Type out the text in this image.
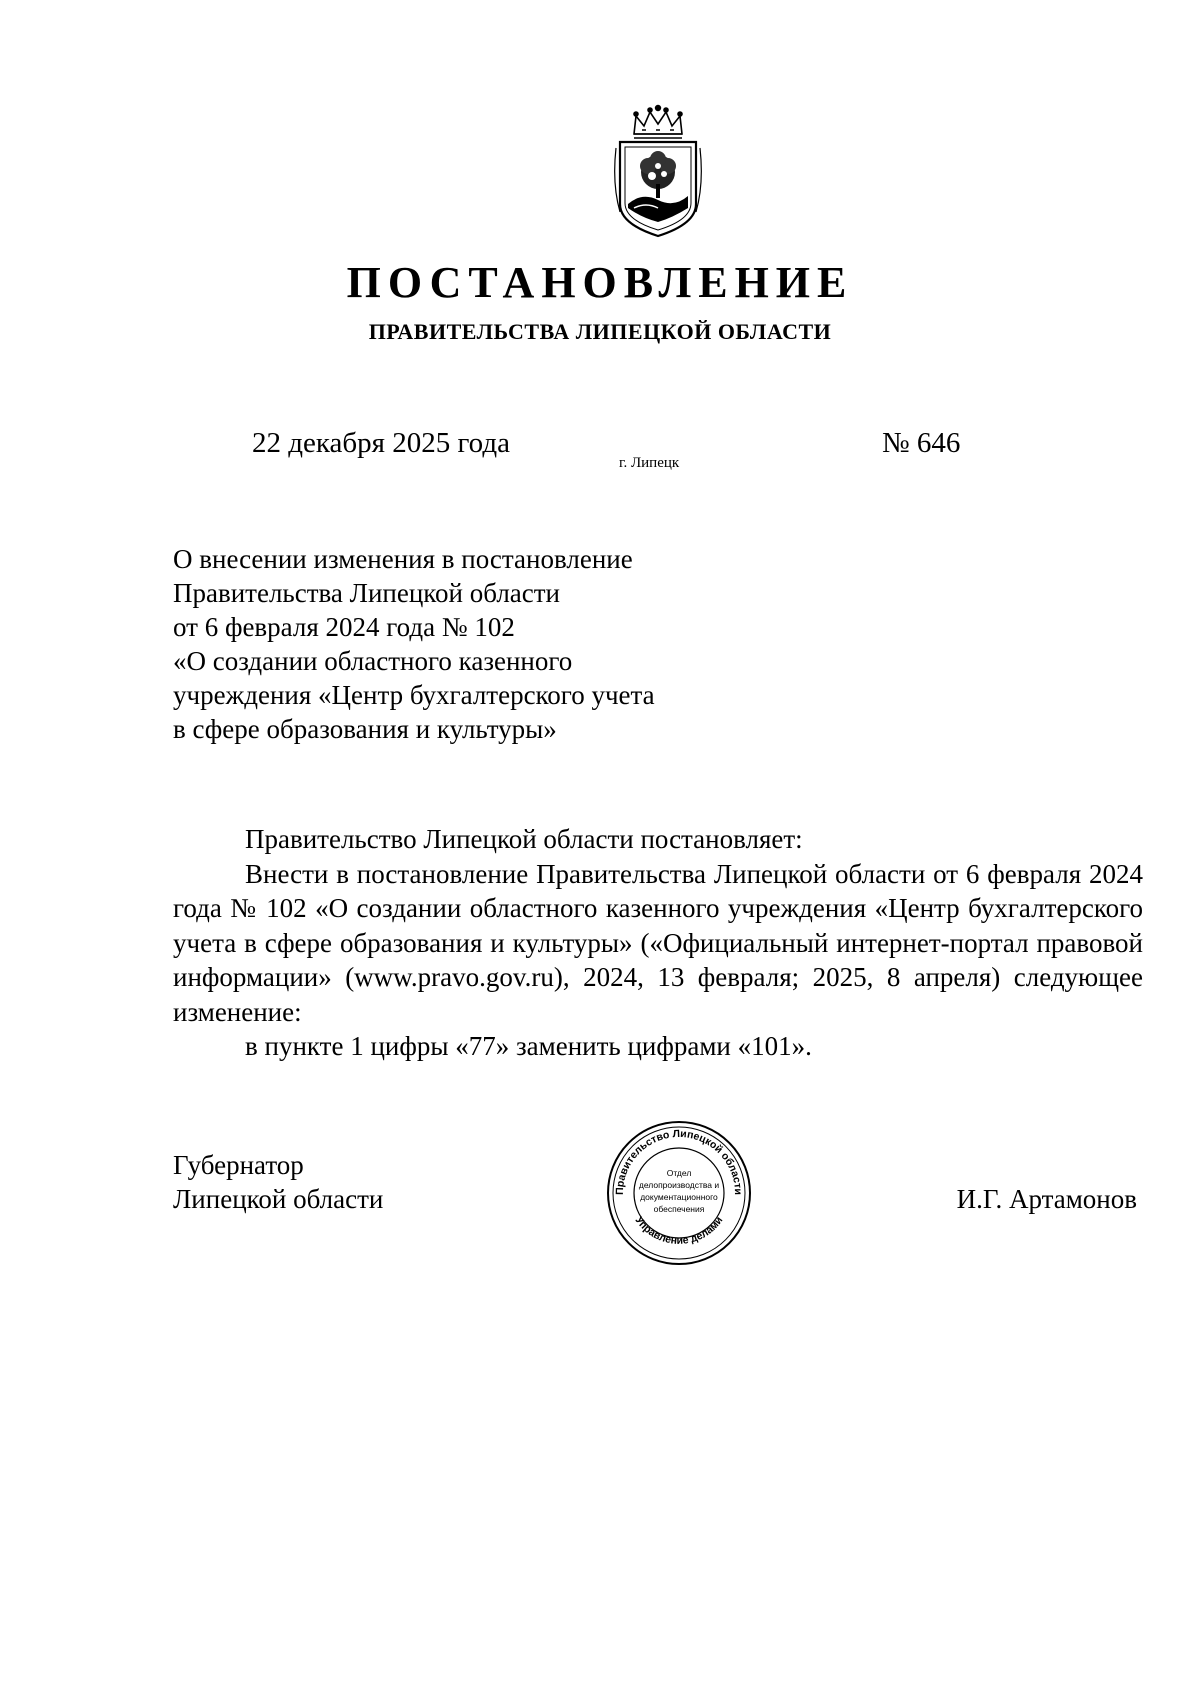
ПОСТАНОВЛЕНИЕ
ПРАВИТЕЛЬСТВА ЛИПЕЦКОЙ ОБЛАСТИ
22 декабря 2025 года
г. Липецк
№ 646
О внесении изменения в постановление
Правительства Липецкой области
от 6 февраля 2024 года № 102
«О создании областного казенного
учреждения «Центр бухгалтерского учета
в сфере образования и культуры»

Правительство Липецкой области постановляет:

Внести в постановление Правительства Липецкой области от 6 февраля 2024 года № 102 «О создании областного казенного учреждения «Центр бухгалтерского учета в сфере образования и культуры» («Официальный интернет-портал правовой информации» (www.pravo.gov.ru), 2024, 13 февраля; 2025, 8 апреля) следующее изменение:

в пункте 1 цифры «77» заменить цифрами «101».

Губернатор
Липецкой области	Правительство Липецкой области
Управление делами
Отдел
делопроизводства и
документационного
обеспечения	И.Г. Артамонов
